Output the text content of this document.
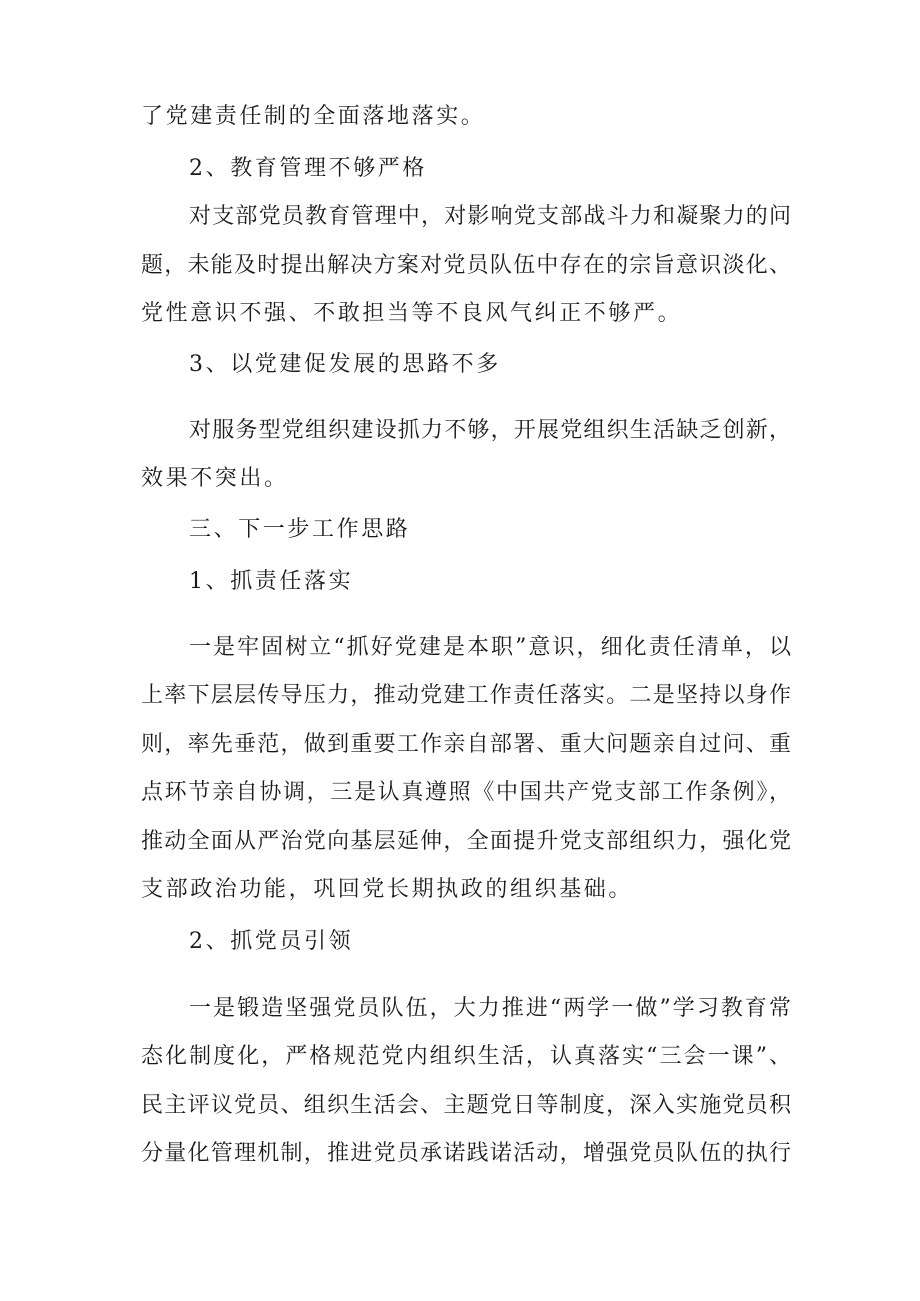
了党建责任制的全面落地落实。
2、教育管理不够严格
对支部党员教育管理中，对影响党支部战斗力和凝聚力的问
题，未能及时提出解决方案对党员队伍中存在的宗旨意识淡化、
党性意识不强、不敢担当等不良风气纠正不够严。
3、以党建促发展的思路不多
对服务型党组织建设抓力不够，开展党组织生活缺乏创新，
效果不突出。
三、下一步工作思路
1、抓责任落实
一是牢固树立“抓好党建是本职”意识，细化责任清单，以
上率下层层传导压力，推动党建工作责任落实。二是坚持以身作
则，率先垂范，做到重要工作亲自部署、重大问题亲自过问、重
点环节亲自协调，三是认真遵照《中国共产党支部工作条例》，
推动全面从严治党向基层延伸，全面提升党支部组织力，强化党
支部政治功能，巩回党长期执政的组织基础。
2、抓党员引领
一是锻造坚强党员队伍，大力推进“两学一做”学习教育常
态化制度化，严格规范党内组织生活，认真落实“三会一课”、
民主评议党员、组织生活会、主题党日等制度，深入实施党员积
分量化管理机制，推进党员承诺践诺活动，增强党员队伍的执行
